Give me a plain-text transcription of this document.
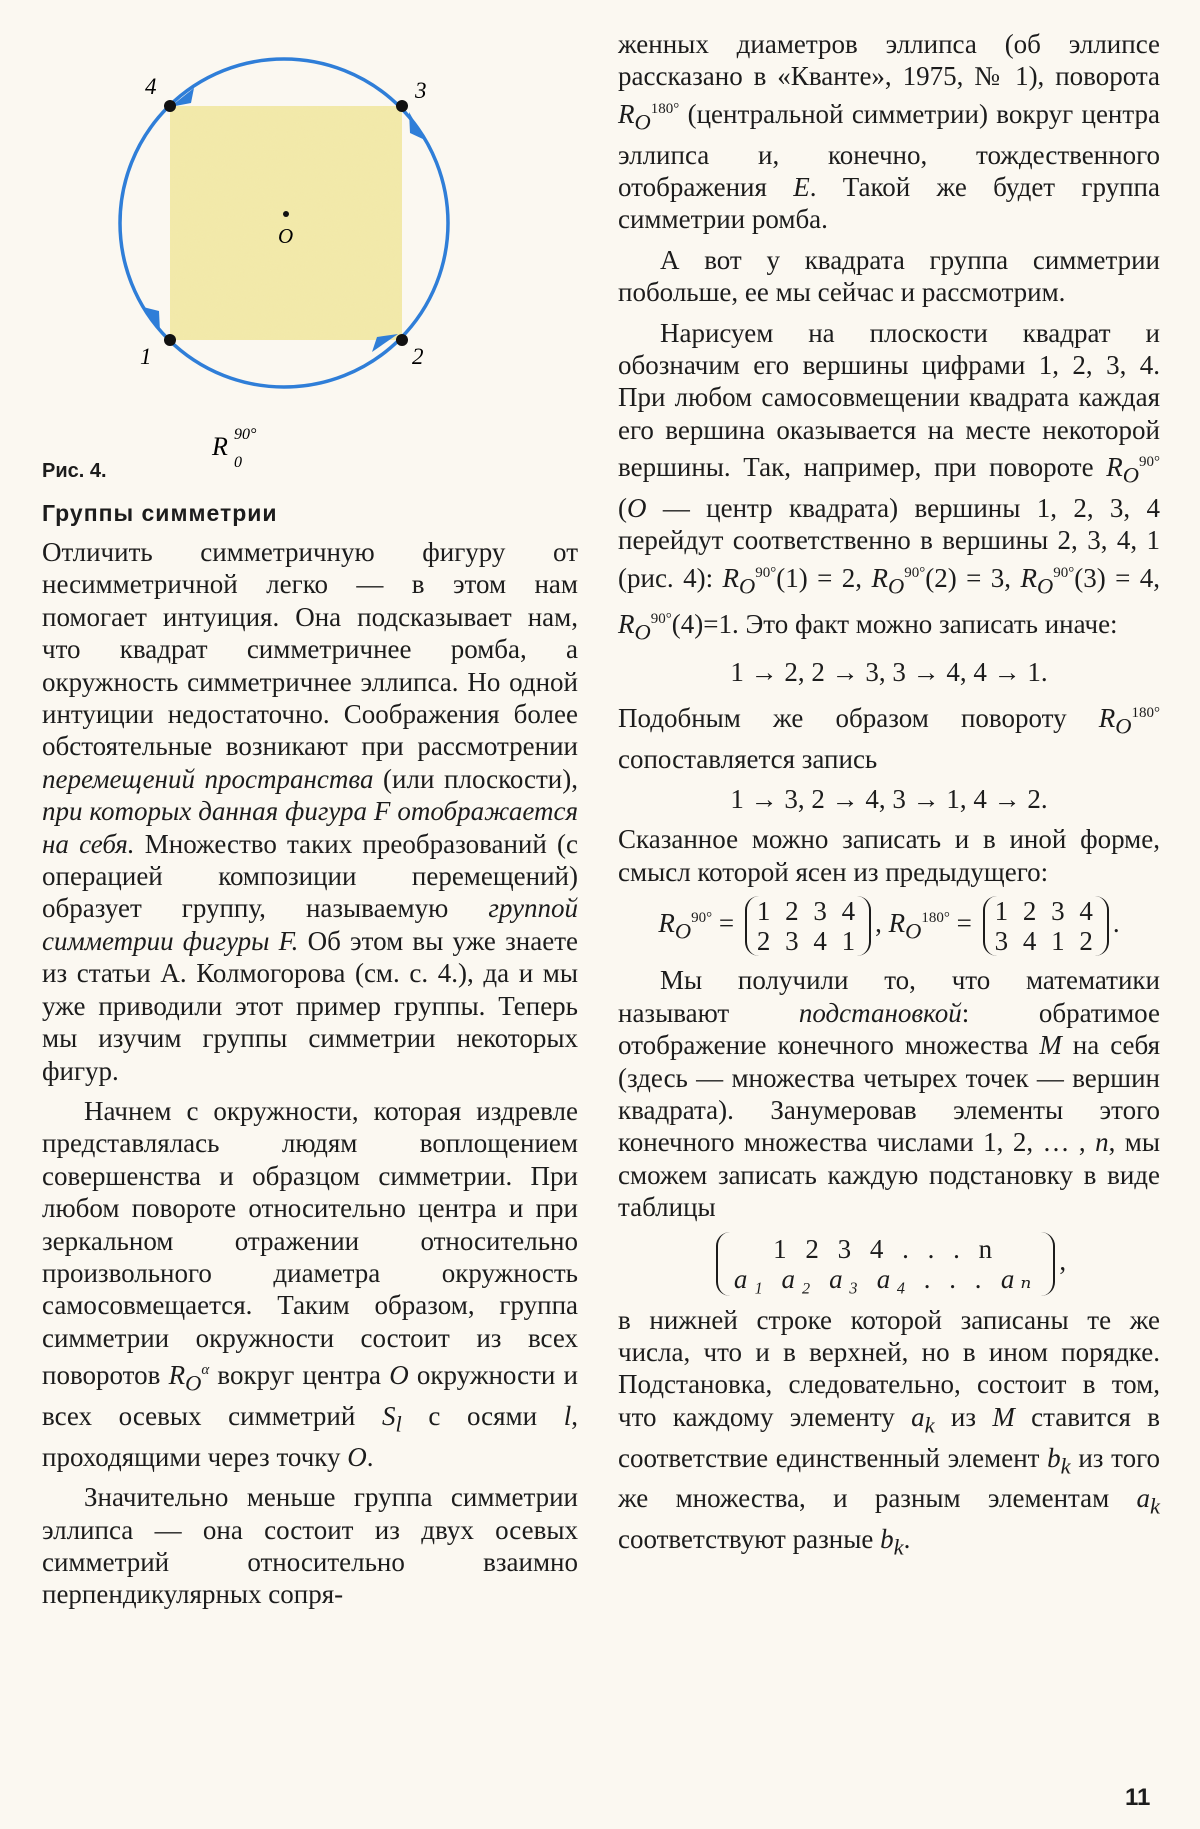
1	2
3
4
O
R
0
90°
Рис. 4.
Группы симметрии

Отличить симметричную фигуру от несимметричной легко — в этом нам помогает интуиция. Она подсказывает нам, что квадрат симметричнее ромба, а окружность симметричнее эллипса. Но одной интуиции недостаточно. Соображения более обстоятельные возникают при рассмотрении перемещений пространства (или плоскости), при которых данная фигура F отображается на себя. Множество таких преобразований (с операцией композиции перемещений) образует группу, называемую группой симметрии фигуры F. Об этом вы уже знаете из статьи А. Колмогорова (см. с. 4.), да и мы уже приводили этот пример группы. Теперь мы изучим группы симметрии некоторых фигур.

Начнем с окружности, которая издревле представлялась людям воплощением совершенства и образцом симметрии. При любом повороте относительно центра и при зеркальном отражении относительно произвольного диаметра окружность самосовмещается. Таким образом, группа симметрии окружности состоит из всех поворотов $R_O^\alpha$ вокруг центра O окружности и всех осевых симметрий $S_l$ с осями l, проходящими через точку O.

Значительно меньше группа симметрии эллипса — она состоит из двух осевых симметрий относительно взаимно перпендикулярных сопря-

женных диаметров эллипса (об эллипсе рассказано в «Кванте», 1975, № 1), поворота $R_O^{180^\circ}$ (центральной симметрии) вокруг центра эллипса и, конечно, тождественного отображения E. Такой же будет группа симметрии ромба.

А вот у квадрата группа симметрии побольше, ее мы сейчас и рассмотрим.

Нарисуем на плоскости квадрат и обозначим его вершины цифрами 1, 2, 3, 4. При любом самосовмещении квадрата каждая его вершина оказывается на месте некоторой вершины. Так, например, при повороте $R_O^{90^\circ}$ (O — центр квадрата) вершины 1, 2, 3, 4 перейдут соответственно в вершины 2, 3, 4, 1 (рис. 4): $R_O^{90^\circ}(1) = 2$, $R_O^{90^\circ}(2) = 3$, $R_O^{90^\circ}(3) = 4$, $R_O^{90^\circ}(4)=1$. Это факт можно записать иначе:

1 → 2, 2 → 3, 3 → 4, 4 → 1.

Подобным же образом повороту $R_O^{180^\circ}$ сопоставляется запись

1 → 3, 2 → 4, 3 → 1, 4 → 2.

Сказанное можно записать и в иной форме, смысл которой ясен из предыдущего:

$R_O^{90^\circ} = 1$ 2 3 4
2 3 4 1
, $R_O^{180^\circ} = 1$ 2 3 4
3 4 1 2
.

Мы получили то, что математики называют подстановкой: обратимое отображение конечного множества M на себя (здесь — множества четырех точек — вершин квадрата). Занумеровав элементы этого конечного множества числами 1, 2, … , n, мы сможем записать каждую подстановку в виде таблицы

1 2 3 4 . . . n
a₁ a₂ a₃ a₄ . . . aₙ
,

в нижней строке которой записаны те же числа, что и в верхней, но в ином порядке. Подстановка, следовательно, состоит в том, что каждому элементу $a_k$ из M ставится в соответствие единственный элемент $b_k$ из того же множества, и разным элементам $a_k$ соответствуют разные $b_k$.

11
